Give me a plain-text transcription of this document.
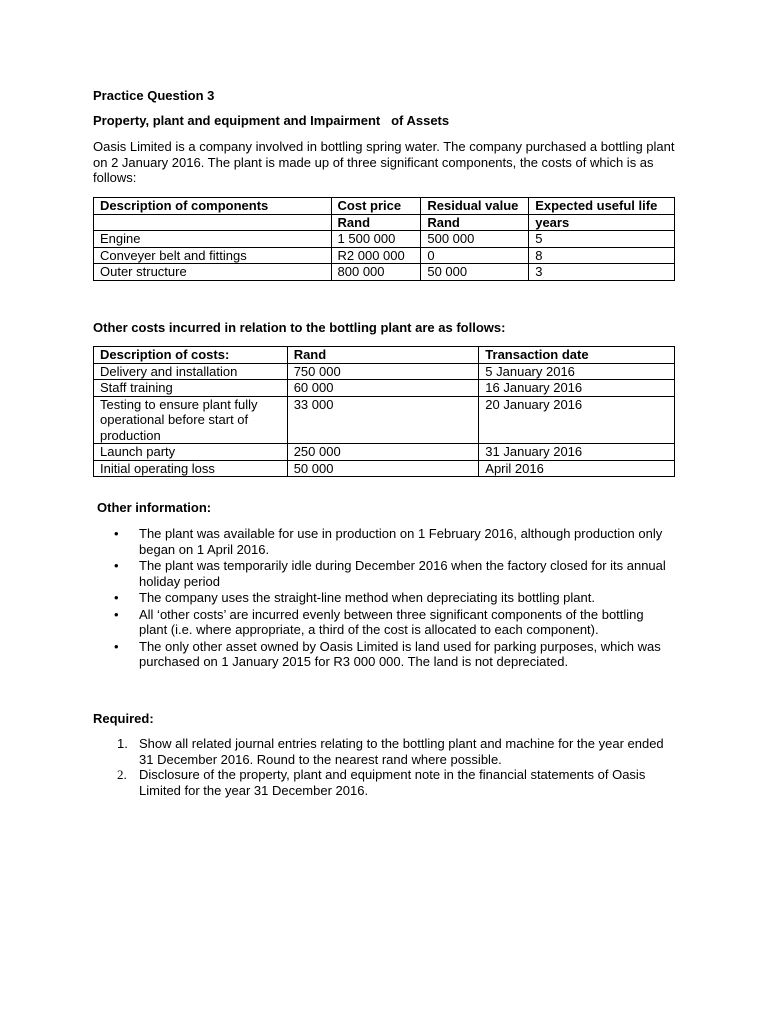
Practice Question 3
Property, plant and equipment and Impairment   of Assets
Oasis Limited is a company involved in bottling spring water. The company purchased a bottling plant on 2 January 2016. The plant is made up of three significant components, the costs of which is as follows:
Description of components	Cost price	Residual value	Expected useful life
	Rand	Rand	years
Engine	1 500 000	500 000	5
Conveyer belt and fittings	R2 000 000	0	8
Outer structure	800 000	50 000	3
Other costs incurred in relation to the bottling plant are as follows:
Description of costs:	Rand	Transaction date
Delivery and installation	750 000	5 January 2016
Staff training	60 000	16 January 2016
Testing to ensure plant fully operational before start of production	33 000	20 January 2016
Launch party	250 000	31 January 2016
Initial operating loss	50 000	April 2016
Other information:
• The plant was available for use in production on 1 February 2016, although production only began on 1 April 2016.
• The plant was temporarily idle during December 2016 when the factory closed for its annual holiday period
• The company uses the straight-line method when depreciating its bottling plant.
• All ‘other costs’ are incurred evenly between three significant components of the bottling plant (i.e. where appropriate, a third of the cost is allocated to each component).
• The only other asset owned by Oasis Limited is land used for parking purposes, which was purchased on 1 January 2015 for R3 000 000. The land is not depreciated.
Required:
1. Show all related journal entries relating to the bottling plant and machine for the year ended
31 December 2016. Round to the nearest rand where possible.
2. Disclosure of the property, plant and equipment note in the financial statements of Oasis Limited for the year 31 December 2016.
